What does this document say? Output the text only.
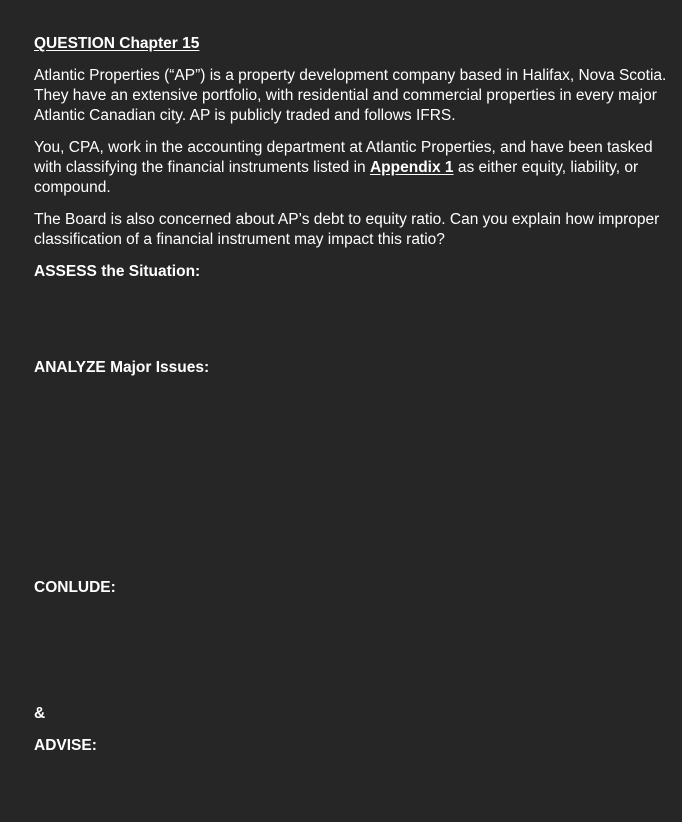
QUESTION Chapter 15

Atlantic Properties (“AP”) is a property development company based in Halifax, Nova Scotia. They have an extensive portfolio, with residential and commercial properties in every major Atlantic Canadian city. AP is publicly traded and follows IFRS.

You, CPA, work in the accounting department at Atlantic Properties, and have been tasked with classifying the financial instruments listed in Appendix 1 as either equity, liability, or compound.

The Board is also concerned about AP’s debt to equity ratio. Can you explain how improper classification of a financial instrument may impact this ratio?

ASSESS the Situation:
ANALYZE Major Issues:
CONLUDE:
&
ADVISE:
